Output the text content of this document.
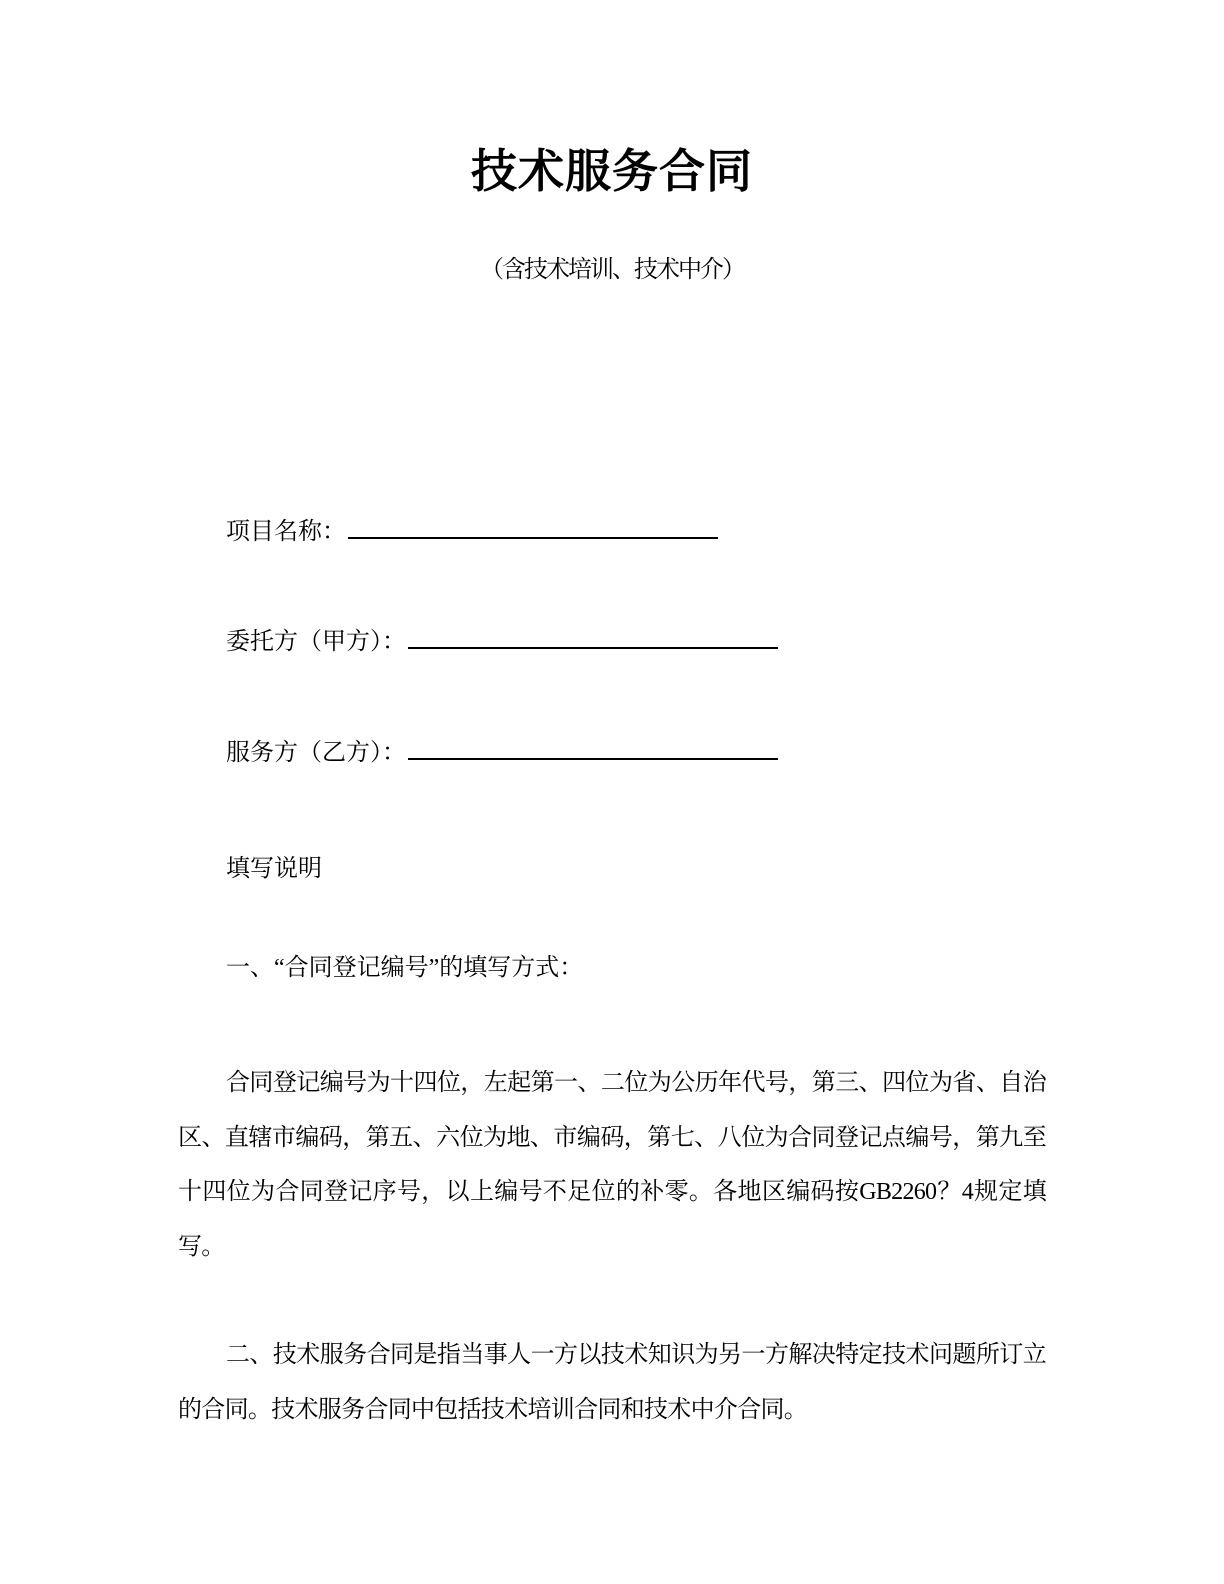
技术服务合同

（含技术培训、技术中介）

项目名称：

委托方（甲方）：

服务方（乙方）：

填写说明

一、“合同登记编号”的填写方式：

合同登记编号为十四位，左起第一、二位为公历年代号，第三、四位为省、自治区、直辖市编码，第五、六位为地、市编码，第七、八位为合同登记点编号，第九至十四位为合同登记序号，以上编号不足位的补零。各地区编码按GB2260？4规定填写。

二、技术服务合同是指当事人一方以技术知识为另一方解决特定技术问题所订立的合同。技术服务合同中包括技术培训合同和技术中介合同。
